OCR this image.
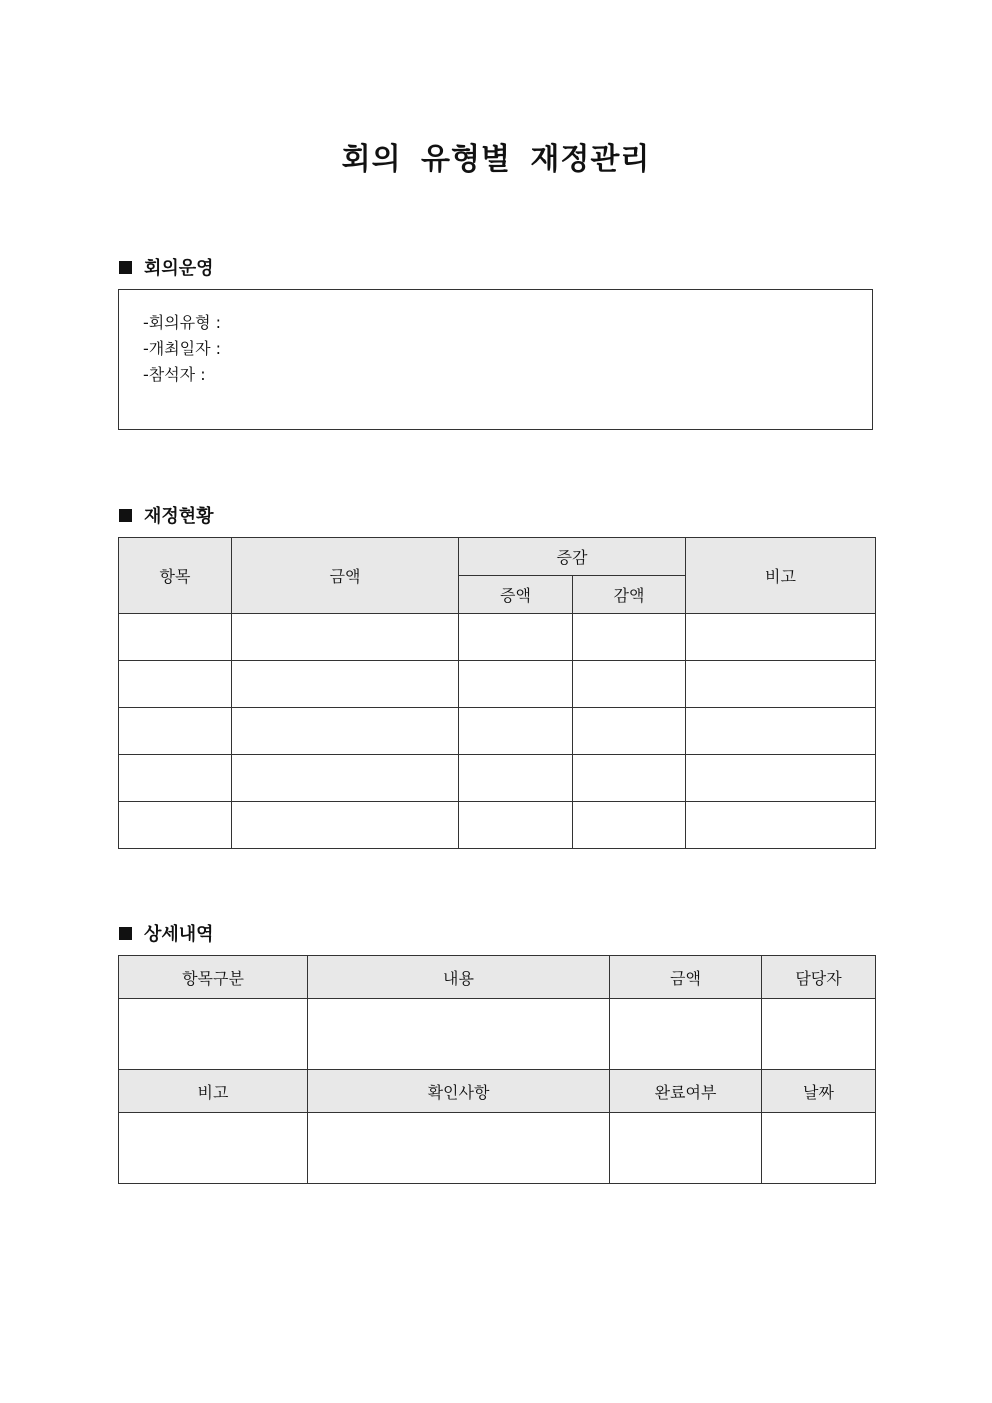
회의 유형별 재정관리
회의운영
-회의유형 :
-개최일자 :
-참석자 :
재정현황
항목	금액	증감		비고
		증액	감액	

상세내역
항목구분	내용	금액	담당자

비고	확인사항	완료여부	날짜
